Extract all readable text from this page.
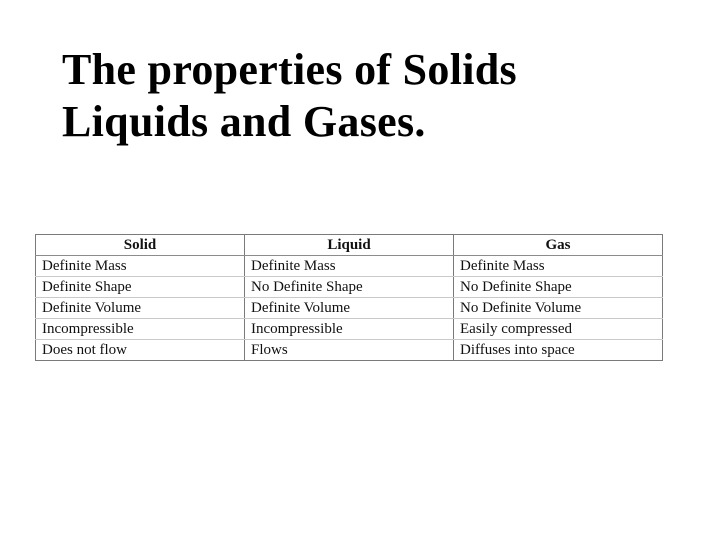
The properties of Solids
Liquids and Gases.
Solid	Liquid	Gas
Definite Mass	Definite Mass	Definite Mass
Definite Shape	No Definite Shape	No Definite Shape
Definite Volume	Definite Volume	No Definite Volume
Incompressible	Incompressible	Easily compressed
Does not flow	Flows	Diffuses into space
